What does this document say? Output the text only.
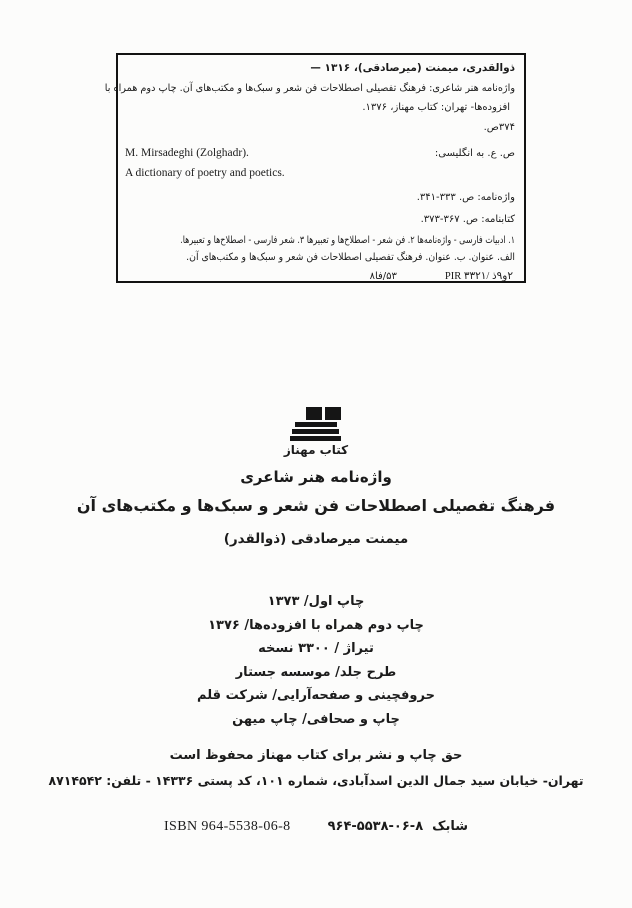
ذوالقدری، میمنت (میرصادقی)، ۱۳۱۶ —
واژه‌نامه هنر شاعری: فرهنگ تفصیلی اصطلاحات فن شعر و سبک‌ها و مکتب‌های آن. چاپ دوم همراه با
افزوده‌ها- تهران: کتاب مهناز، ۱۳۷۶.
۳۷۴ص.
ص. ع. به انگلیسی:
M. Mirsadeghi (Zolghadr).
A dictionary of poetry and poetics.
واژه‌نامه: ص. ۳۳۳-۳۴۱.
کتابنامه: ص. ۳۶۷-۳۷۳.
۱. ادبیات فارسی - واژه‌نامه‌ها ۲. فن شعر - اصطلاح‌ها و تعبیرها ۳. شعر فارسی - اصطلاح‌ها و تعبیرها.
الف. عنوان. ب. عنوان. فرهنگ تفصیلی اصطلاحات فن شعر و سبک‌ها و مکتب‌های آن.
۵۳/فا۸	PIR ۳۳۲۱/ ذ۹و۲
کتاب مهناز
واژه‌نامه هنر شاعری
فرهنگ تفصیلی اصطلاحات فن شعر و سبک‌ها و مکتب‌های آن
میمنت میرصادقی (ذوالقدر)
چاپ اول/ ۱۳۷۳
چاپ دوم همراه با افزوده‌ها/ ۱۳۷۶
تیراژ / ۳۳۰۰ نسخه
طرح جلد/ موسسه جستار
حروفچینی و صفحه‌آرایی/ شرکت قلم
چاپ و صحافی/ چاپ میهن
حق چاپ و نشر برای کتاب مهناز محفوظ است
تهران- خیابان سید جمال الدین اسدآبادی، شماره ۱۰۱، کد پستی ۱۴۳۳۶ - تلفن: ۸۷۱۴۵۴۲
ISBN 964-5538-06-8	۹۶۴-۵۵۳۸-۰۶-۸ شابک
